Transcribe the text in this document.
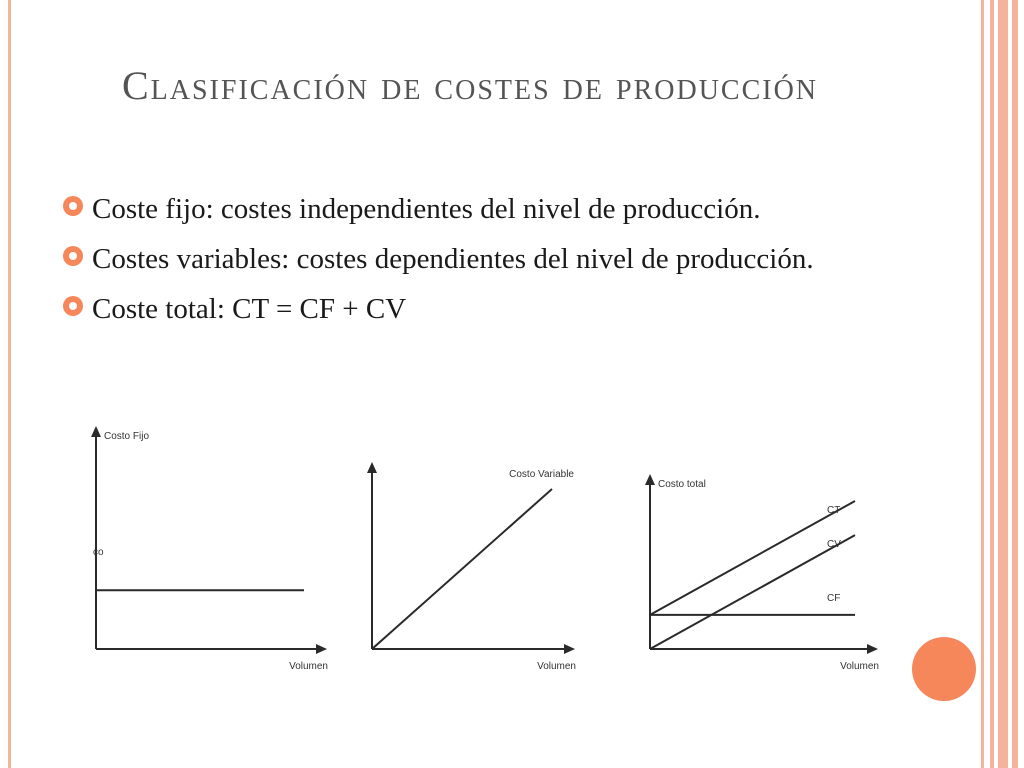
Clasificación de costes de producción
Coste fijo: costes independientes del nivel de producción.
Costes variables: costes dependientes del nivel de producción.
Coste total: CT = CF + CV
Costo Fijo
Volumen
co
Costo Variable
Volumen
Costo total
Volumen
CT
CV
CF
